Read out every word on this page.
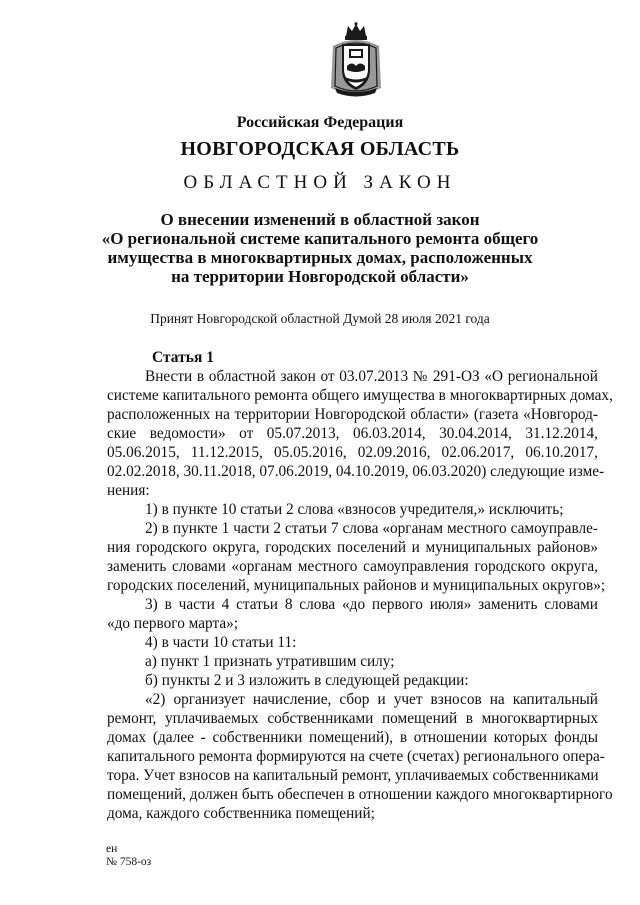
Российская Федерация
НОВГОРОДСКАЯ ОБЛАСТЬ
ОБЛАСТНОЙ ЗАКОН
О внесении изменений в областной закон
«О региональной системе капитального ремонта общего
имущества в многоквартирных домах, расположенных
на территории Новгородской области»
Принят Новгородской областной Думой 28 июля 2021 года
Статья 1
Внести в областной закон от 03.07.2013 № 291-ОЗ «О региональной
системе капитального ремонта общего имущества в многоквартирных домах,
расположенных на территории Новгородской области» (газета «Новгород-
ские ведомости» от 05.07.2013, 06.03.2014, 30.04.2014, 31.12.2014,
05.06.2015, 11.12.2015, 05.05.2016, 02.09.2016, 02.06.2017, 06.10.2017,
02.02.2018, 30.11.2018, 07.06.2019, 04.10.2019, 06.03.2020) следующие изме-
нения:
1) в пункте 10 статьи 2 слова «взносов учредителя,» исключить;
2) в пункте 1 части 2 статьи 7 слова «органам местного самоуправле-
ния городского округа, городских поселений и муниципальных районов»
заменить словами «органам местного самоуправления городского округа,
городских поселений, муниципальных районов и муниципальных округов»;
3) в части 4 статьи 8 слова «до первого июля» заменить словами
«до первого марта»;
4) в части 10 статьи 11:
а) пункт 1 признать утратившим силу;
б) пункты 2 и 3 изложить в следующей редакции:
«2) организует начисление, сбор и учет взносов на капитальный
ремонт, уплачиваемых собственниками помещений в многоквартирных
домах (далее - собственники помещений), в отношении которых фонды
капитального ремонта формируются на счете (счетах) регионального опера-
тора. Учет взносов на капитальный ремонт, уплачиваемых собственниками
помещений, должен быть обеспечен в отношении каждого многоквартирного
дома, каждого собственника помещений;
ен
№ 758-оз
